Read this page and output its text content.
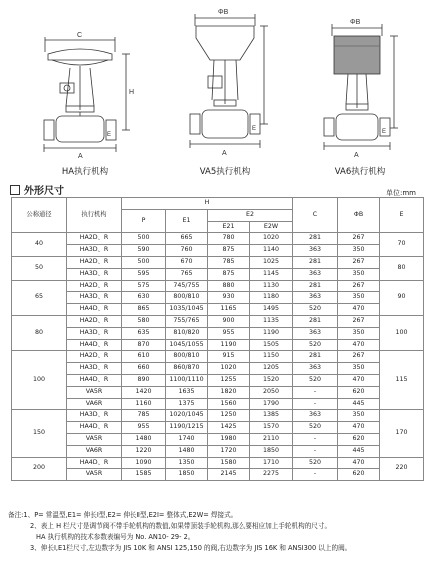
C
H
A
E
HA执行机构
ΦB
A
E
VA5执行机构
ΦB
A
E
VA6执行机构
外形尺寸	单位:mm
公称通径	执行机构	H				C	ΦB	E
		P	E1	E2				
				E21	E2W			
40	HA2D、R	500	665	780	1020	281	267	70
	HA3D、R	590	760	875	1140	363	350	
50	HA2D、R	500	670	785	1025	281	267	80
	HA3D、R	595	765	875	1145	363	350	
65	HA2D、R	575	745/755	880	1130	281	267	90
	HA3D、R	630	800/810	930	1180	363	350	
	HA4D、R	865	1035/1045	1165	1495	520	470	
80	HA2D、R	580	755/765	900	1135	281	267	100
	HA3D、R	635	810/820	955	1190	363	350	
	HA4D、R	870	1045/1055	1190	1505	520	470	
100	HA2D、R	610	800/810	915	1150	281	267	115
	HA3D、R	660	860/870	1020	1205	363	350	
	HA4D、R	890	1100/1110	1255	1520	520	470	
	VA5R	1420	1635	1820	2050	-	620	
	VA6R	1160	1375	1560	1790	-	445	
150	HA3D、R	785	1020/1045	1250	1385	363	350	170
	HA4D、R	955	1190/1215	1425	1570	520	470	
	VA5R	1480	1740	1980	2110	-	620	
	VA6R	1220	1480	1720	1850	-	445	
200	HA4D、R	1090	1350	1580	1710	520	470	220
	VA5R	1585	1850	2145	2275	-	620	
备注:1、P= 常温型,E1= 伸长Ⅰ型,E2= 伸长Ⅱ型,E2Ⅰ= 整体式,E2W= 焊接式。
2、表上 H 栏尺寸是调节阀不带手轮机构的数值,如果带顶装手轮机构,那么要相应加上手轮机构的尺寸。
HA 执行机构的技术参数表编号为 No. AN10- 29- 2。
3、伸长Ⅰ,E1栏尺寸,左边数字为 JIS 10K 和 ANSI 125,150 的阀,右边数字为 JIS 16K 和 ANSI300 以上的阀。
